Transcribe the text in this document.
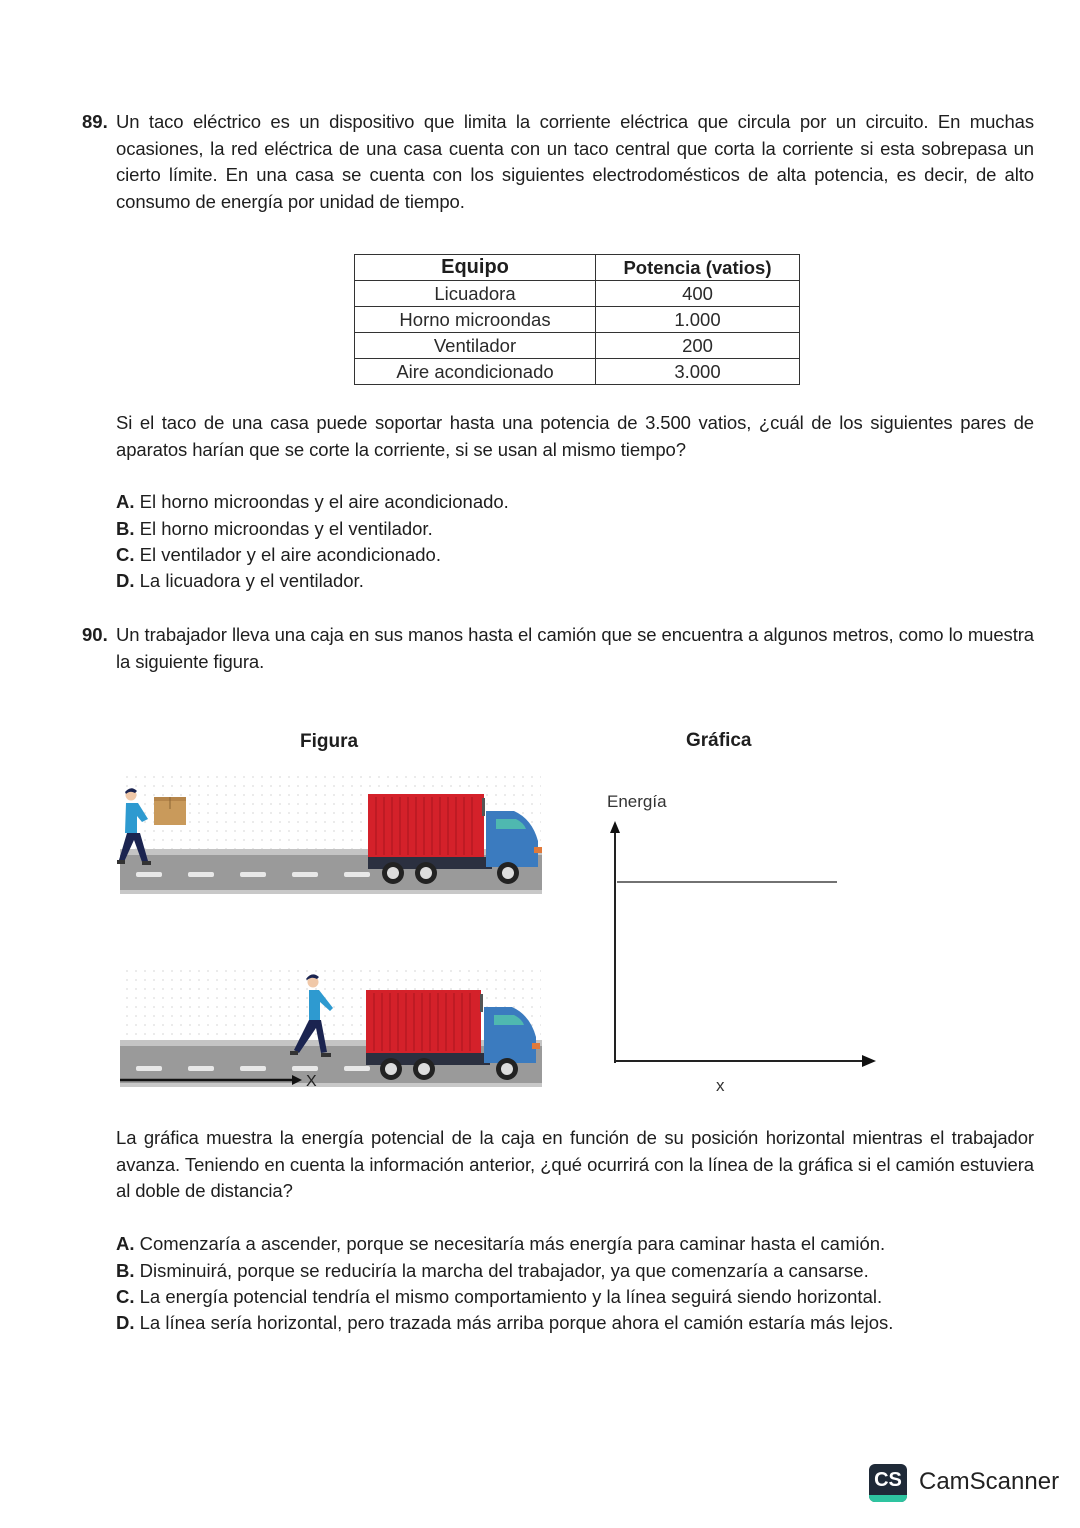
89. Un taco eléctrico es un dispositivo que limita la corriente eléctrica que circula por un circuito. En muchas ocasiones, la red eléctrica de una casa cuenta con un taco central que corta la corriente si esta sobrepasa un cierto límite. En una casa se cuenta con los siguientes electrodomésticos de alta potencia, es decir, de alto consumo de energía por unidad de tiempo.
Equipo	Potencia (vatios)
Licuadora	400
Horno microondas	1.000
Ventilador	200
Aire acondicionado	3.000
Si el taco de una casa puede soportar hasta una potencia de 3.500 vatios, ¿cuál de los siguientes pares de aparatos harían que se corte la corriente, si se usan al mismo tiempo?
A. El horno microondas y el aire acondicionado.
B. El horno microondas y el ventilador.
C. El ventilador y el aire acondicionado.
D. La licuadora y el ventilador.
90. Un trabajador lleva una caja en sus manos hasta el camión que se encuentra a algunos metros, como lo muestra la siguiente figura.
Figura	Gráfica
X
Energía
x
La gráfica muestra la energía potencial de la caja en función de su posición horizontal mientras el trabajador avanza. Teniendo en cuenta la información anterior, ¿qué ocurrirá con la línea de la gráfica si el camión estuviera al doble de distancia?
A. Comenzaría a ascender, porque se necesitaría más energía para caminar hasta el camión.
B. Disminuirá, porque se reduciría la marcha del trabajador, ya que comenzaría a cansarse.
C. La energía potencial tendría el mismo comportamiento y la línea seguirá siendo horizontal.
D. La línea sería horizontal, pero trazada más arriba porque ahora el camión estaría más lejos.
CS CamScanner
